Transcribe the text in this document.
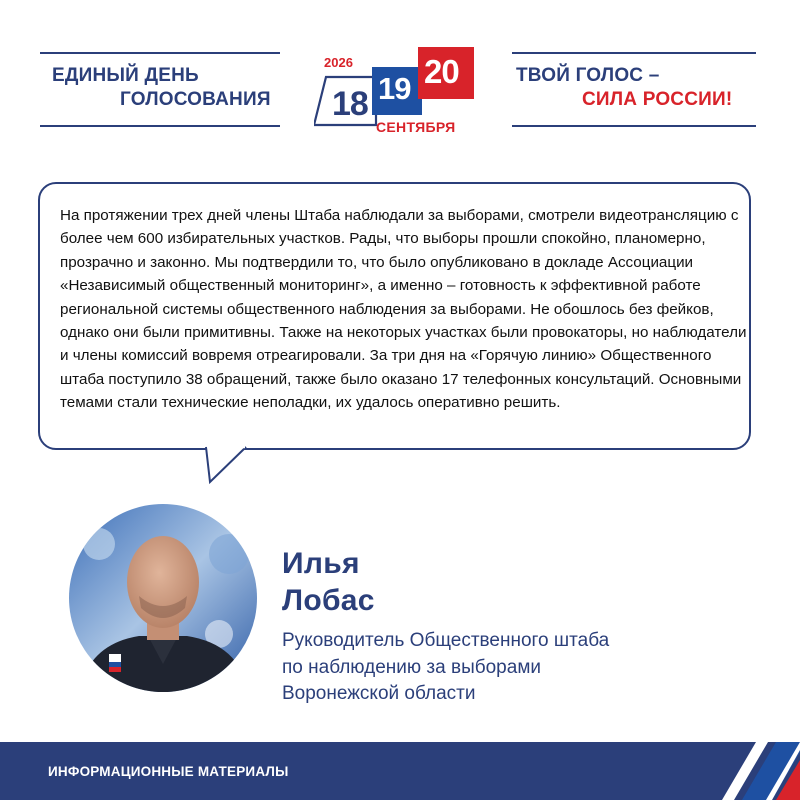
ЕДИНЫЙ ДЕНЬ
ГОЛОСОВАНИЯ
ТВОЙ ГОЛОС –
СИЛА РОССИИ!
2026
18 19 20
СЕНТЯБРЯ
На протяжении трех дней члены Штаба наблюдали за выборами, смотрели видеотрансляцию с более чем 600 избирательных участков. Рады, что выборы прошли спокойно, планомерно, прозрачно и законно. Мы подтвердили то, что было опубликовано в докладе Ассоциации «Независимый общественный мониторинг», а именно – готовность к эффективной работе региональной системы общественного наблюдения за выборами. Не обошлось без фейков, однако они были примитивны. Также на некоторых участках были провокаторы, но наблюдатели и члены комиссий вовремя отреагировали. За три дня на «Горячую линию» Общественного штаба поступило 38 обращений, также было оказано 17 телефонных консультаций. Основными темами стали технические неполадки, их удалось оперативно решить.
Илья
Лобас
Руководитель Общественного штаба
по наблюдению за выборами
Воронежской области
ИНФОРМАЦИОННЫЕ МАТЕРИАЛЫ
